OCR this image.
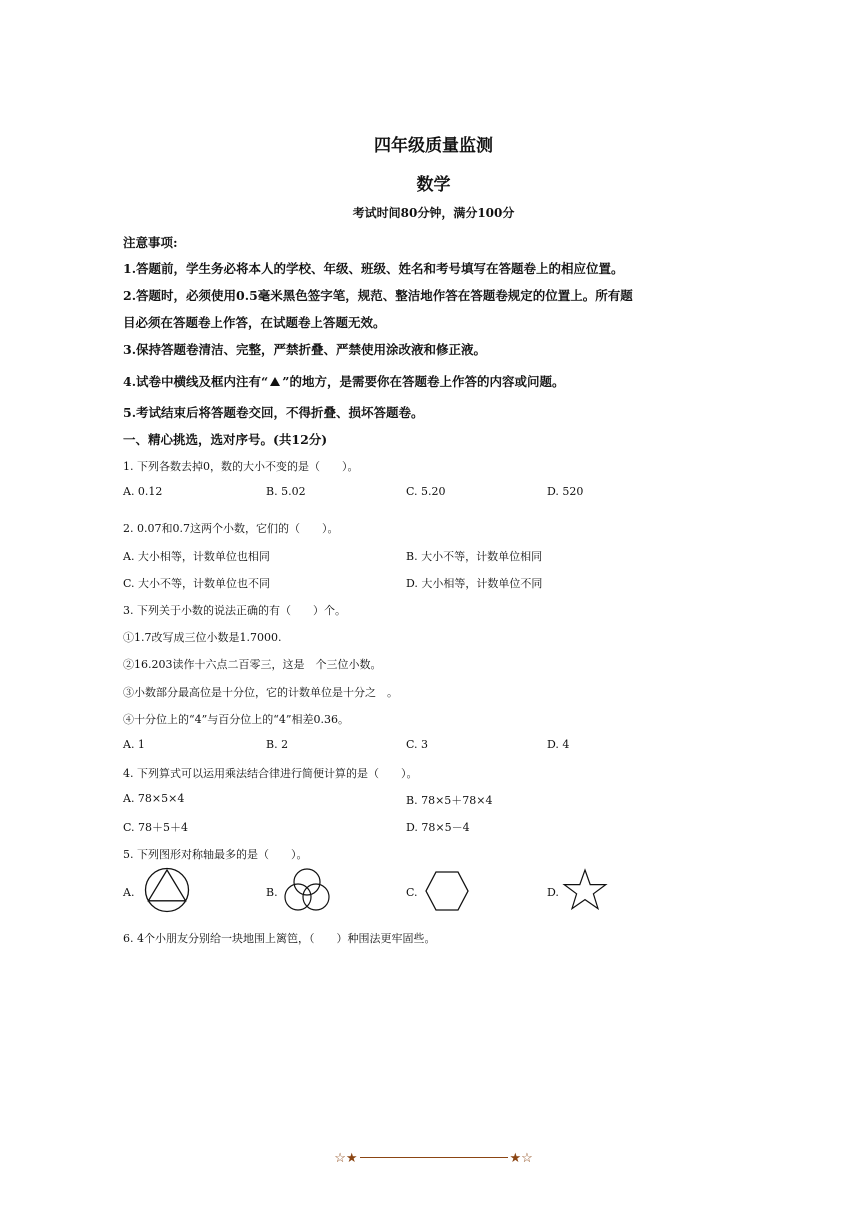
四年级质量监测
数学
考试时间80分钟，满分100分
注意事项:
1.答题前，学生务必将本人的学校、年级、班级、姓名和考号填写在答题卷上的相应位置。
2.答题时，必须使用0.5毫米黑色签字笔，规范、整洁地作答在答题卷规定的位置上。所有题
目必须在答题卷上作答，在试题卷上答题无效。
3.保持答题卷清洁、完整，严禁折叠、严禁使用涂改液和修正液。
4.试卷中横线及框内注有“ ”的地方，是需要你在答题卷上作答的内容或问题。
5.考试结束后将答题卷交回，不得折叠、损坏答题卷。
一、精心挑选，选对序号。(共12分)
1. 下列各数去掉0，数的大小不变的是（　　）。
A. 0.12	B. 5.02	C. 5.20	D. 520
2. 0.07和0.7这两个小数，它们的（　　）。
A. 大小相等，计数单位也相同	B. 大小不等，计数单位相同
C. 大小不等，计数单位也不同	D. 大小相等，计数单位不同
3. 下列关于小数的说法正确的有（　　）个。
①1.7改写成三位小数是1.7000.
②16.203读作十六点二百零三，这是　个三位小数。
③小数部分最高位是十分位，它的计数单位是十分之　。
④十分位上的“4”与百分位上的“4”相差0.36。
A. 1	B. 2	C. 3	D. 4
4. 下列算式可以运用乘法结合律进行简便计算的是（　　）。
A. 78×5×4	B. 78×5＋78×4
C. 78＋5＋4	D. 78×5－4
5. 下列图形对称轴最多的是（　　）。
A.	B.	C.	D.
6. 4个小朋友分别给一块地围上篱笆，（　　）种围法更牢固些。
☆★	★☆
